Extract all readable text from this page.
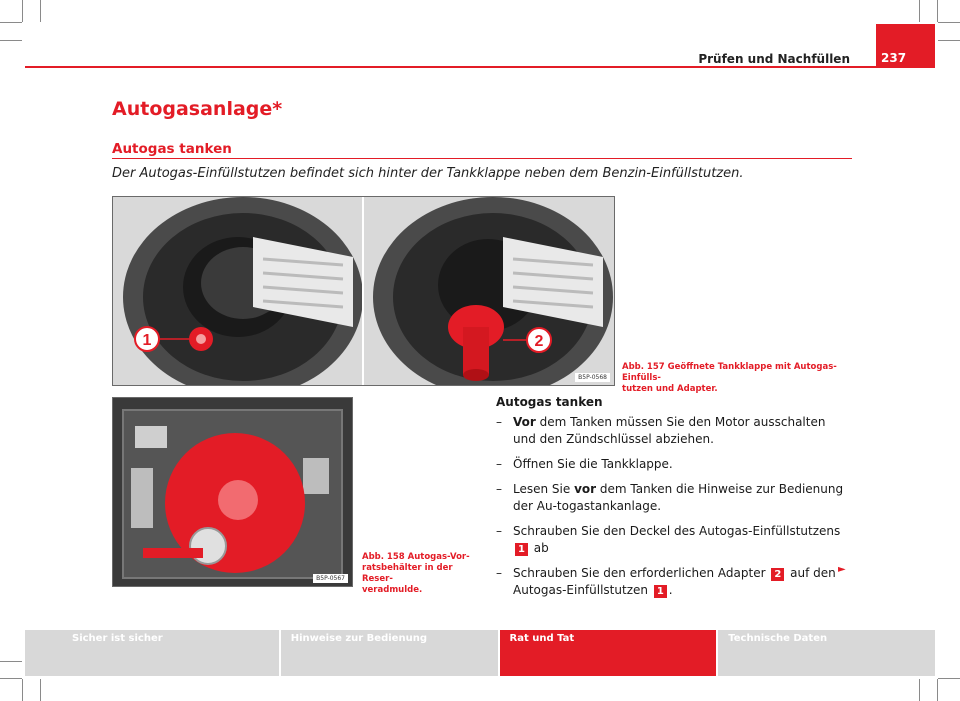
Prüfen und Nachfüllen	237
Autogasanlage*
Autogas tanken
Der Autogas-Einfüllstutzen befindet sich hinter der Tankklappe neben dem Benzin-Einfüllstutzen.
1	2
B5P-0568
Abb. 157 Geöffnete Tankklappe mit Autogas-Einfülls-
tutzen und Adapter.
B5P-0567
Abb. 158 Autogas-Vor-
ratsbehälter in der Reser-
veradmulde.
Autogas tanken
– Vor dem Tanken müssen Sie den Motor ausschalten und den Zündschlüssel abziehen.
– Öffnen Sie die Tankklappe.
– Lesen Sie vor dem Tanken die Hinweise zur Bedienung der Au-togastankanlage.
– Schrauben Sie den Deckel des Autogas-Einfüllstutzens 1 ab
– Schrauben Sie den erforderlichen Adapter 2 auf den Autogas-Einfüllstutzen 1 .
►
Sicher ist sicher	Hinweise zur Bedienung	Rat und Tat	Technische Daten
